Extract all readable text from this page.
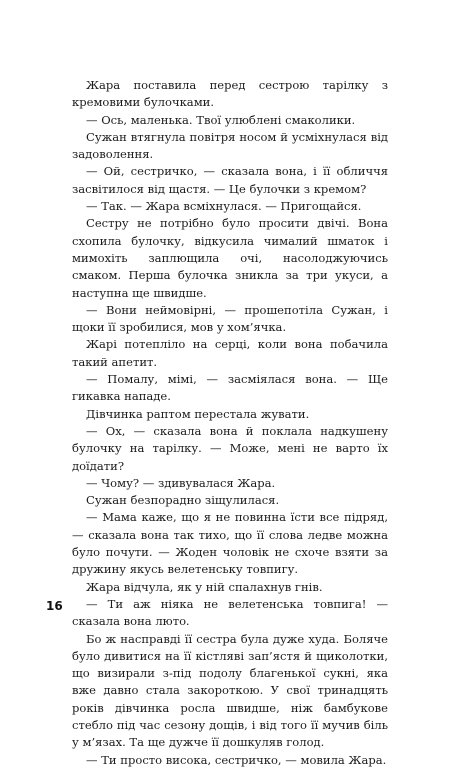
Жара поставила перед сестрою тарілку з кремовими булочками.

— Ось, маленька. Твої улюблені смаколики.

Сужан втягнула повітря носом й усміхнулася від задоволення.

— Ой, сестричко, — сказала вона, і її обличчя засвітилося від щастя. — Це булочки з кремом?

— Так. — Жара всміхнулася. — Пригощайся.

Сестру не потрібно було просити двічі. Вона схопила булочку, відкусила чималий шматок і мимохіть заплющила очі, насолоджуючись смаком. Перша булочка зникла за три укуси, а наступна ще швидше.

— Вони неймовірні, — прошепотіла Сужан, і щоки її зробилися, мов у хом’ячка.

Жарі потепліло на серці, коли вона побачила такий апетит.

— Помалу, мімі, — засміялася вона. — Ще гикавка нападе.

Дівчинка раптом перестала жувати.

— Ох, — сказала вона й поклала надкушену булочку на тарілку. — Може, мені не варто їх доїдати?

— Чому? — здивувалася Жара.

Сужан безпорадно зіщулилася.

— Мама каже, що я не повинна їсти все підряд, — сказала вона так тихо, що її слова ледве можна було почути. — Жоден чоловік не схоче взяти за дружину якусь велетенську товпигу.

Жара відчула, як у ній спалахнув гнів.

— Ти аж ніяка не велетенська товпига! — сказала вона лютo.

Бо ж насправді її сестра була дуже худа. Боляче було дивитися на її кістляві зап’ястя й щиколотки, що визирали з-під подолу благенької сукні, яка вже давно стала закороткою. У свої тринадцять років дівчинка росла швидше, ніж бамбукове стебло під час сезону дощів, і від того її мучив біль у м’язах. Та ще дужче її дошкуляв голод.

— Ти просто висока, сестричко, — мовила Жара.

16
